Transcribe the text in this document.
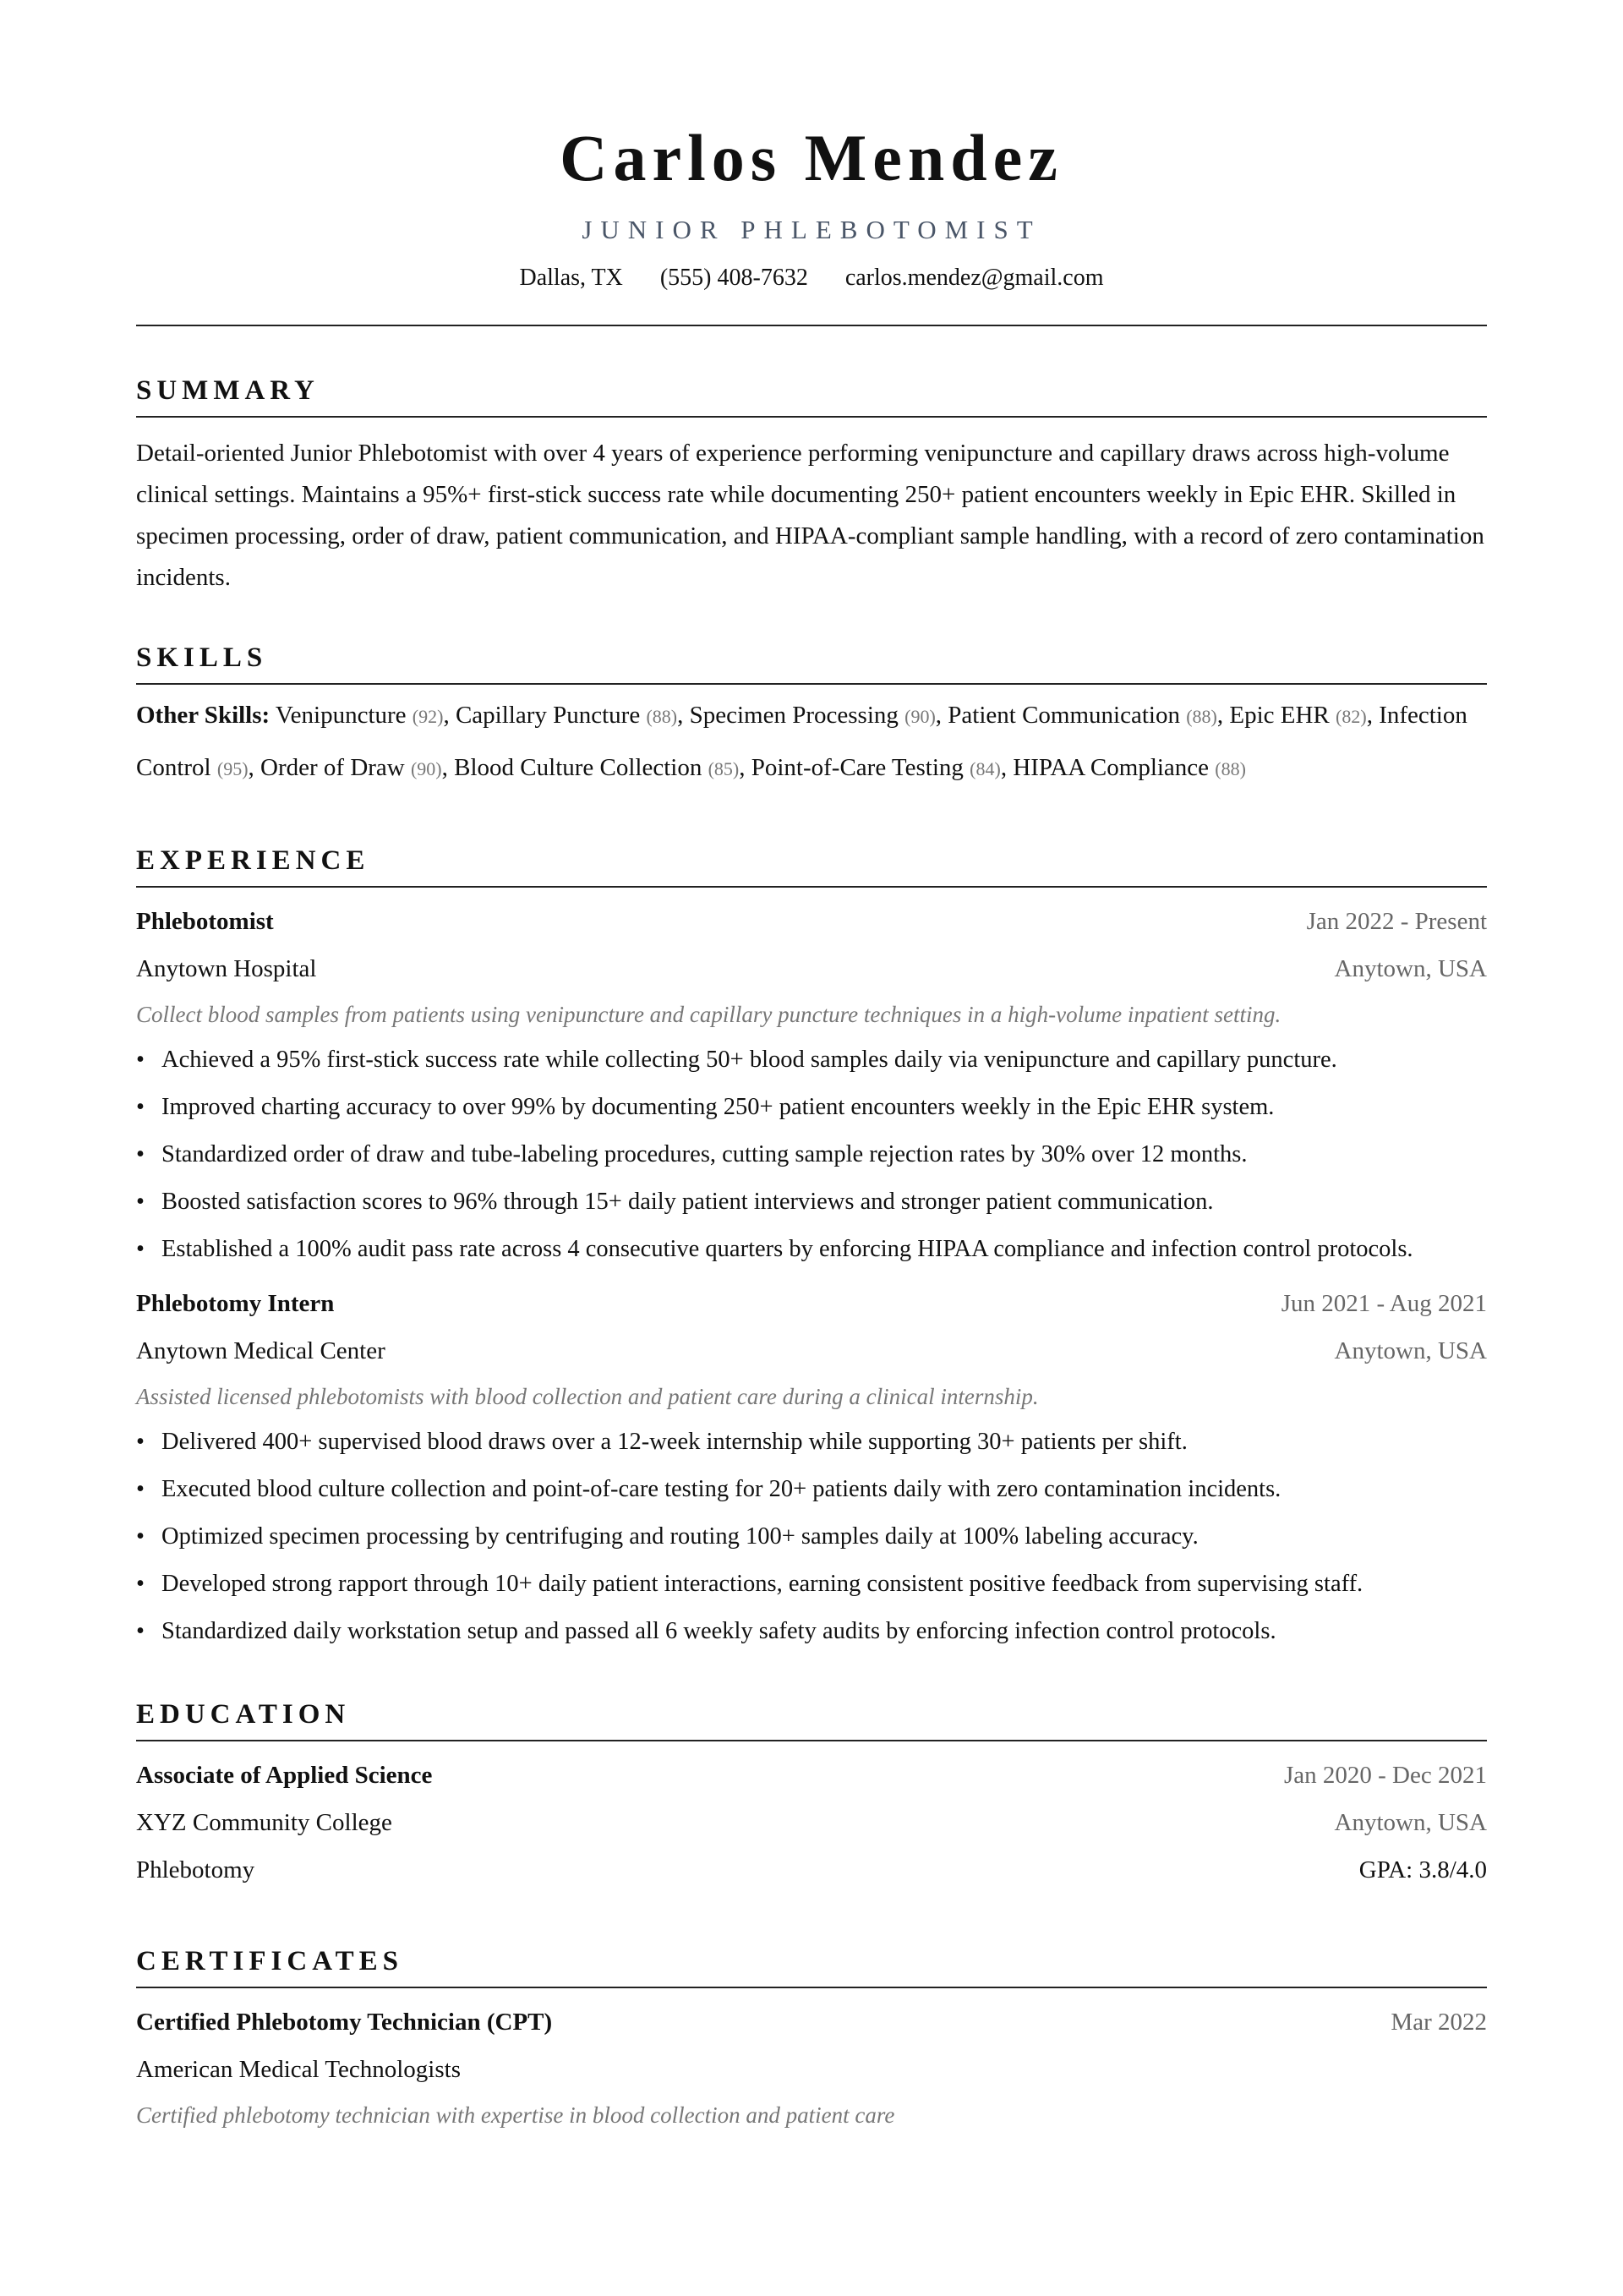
Carlos Mendez
JUNIOR PHLEBOTOMIST
Dallas, TX (555) 408-7632 carlos.mendez@gmail.com
SUMMARY

Detail-oriented Junior Phlebotomist with over 4 years of experience performing venipuncture and capillary draws across high-volume clinical settings. Maintains a 95%+ first-stick success rate while documenting 250+ patient encounters weekly in Epic EHR. Skilled in specimen processing, order of draw, patient communication, and HIPAA-compliant sample handling, with a record of zero contamination incidents.

SKILLS

Other Skills: Venipuncture (92), Capillary Puncture (88), Specimen Processing (90), Patient Communication (88), Epic EHR (82), Infection Control (95), Order of Draw (90), Blood Culture Collection (85), Point-of-Care Testing (84), HIPAA Compliance (88)

EXPERIENCE
Phlebotomist	Jan 2022 - Present
Anytown Hospital	Anytown, USA
Collect blood samples from patients using venipuncture and capillary puncture techniques in a high-volume inpatient setting.
• Achieved a 95% first-stick success rate while collecting 50+ blood samples daily via venipuncture and capillary puncture.
• Improved charting accuracy to over 99% by documenting 250+ patient encounters weekly in the Epic EHR system.
• Standardized order of draw and tube-labeling procedures, cutting sample rejection rates by 30% over 12 months.
• Boosted satisfaction scores to 96% through 15+ daily patient interviews and stronger patient communication.
• Established a 100% audit pass rate across 4 consecutive quarters by enforcing HIPAA compliance and infection control protocols.
Phlebotomy Intern	Jun 2021 - Aug 2021
Anytown Medical Center	Anytown, USA
Assisted licensed phlebotomists with blood collection and patient care during a clinical internship.
• Delivered 400+ supervised blood draws over a 12-week internship while supporting 30+ patients per shift.
• Executed blood culture collection and point-of-care testing for 20+ patients daily with zero contamination incidents.
• Optimized specimen processing by centrifuging and routing 100+ samples daily at 100% labeling accuracy.
• Developed strong rapport through 10+ daily patient interactions, earning consistent positive feedback from supervising staff.
• Standardized daily workstation setup and passed all 6 weekly safety audits by enforcing infection control protocols.
EDUCATION
Associate of Applied Science	Jan 2020 - Dec 2021
XYZ Community College	Anytown, USA
Phlebotomy	GPA: 3.8/4.0
CERTIFICATES
Certified Phlebotomy Technician (CPT)	Mar 2022
American Medical Technologists
Certified phlebotomy technician with expertise in blood collection and patient care
